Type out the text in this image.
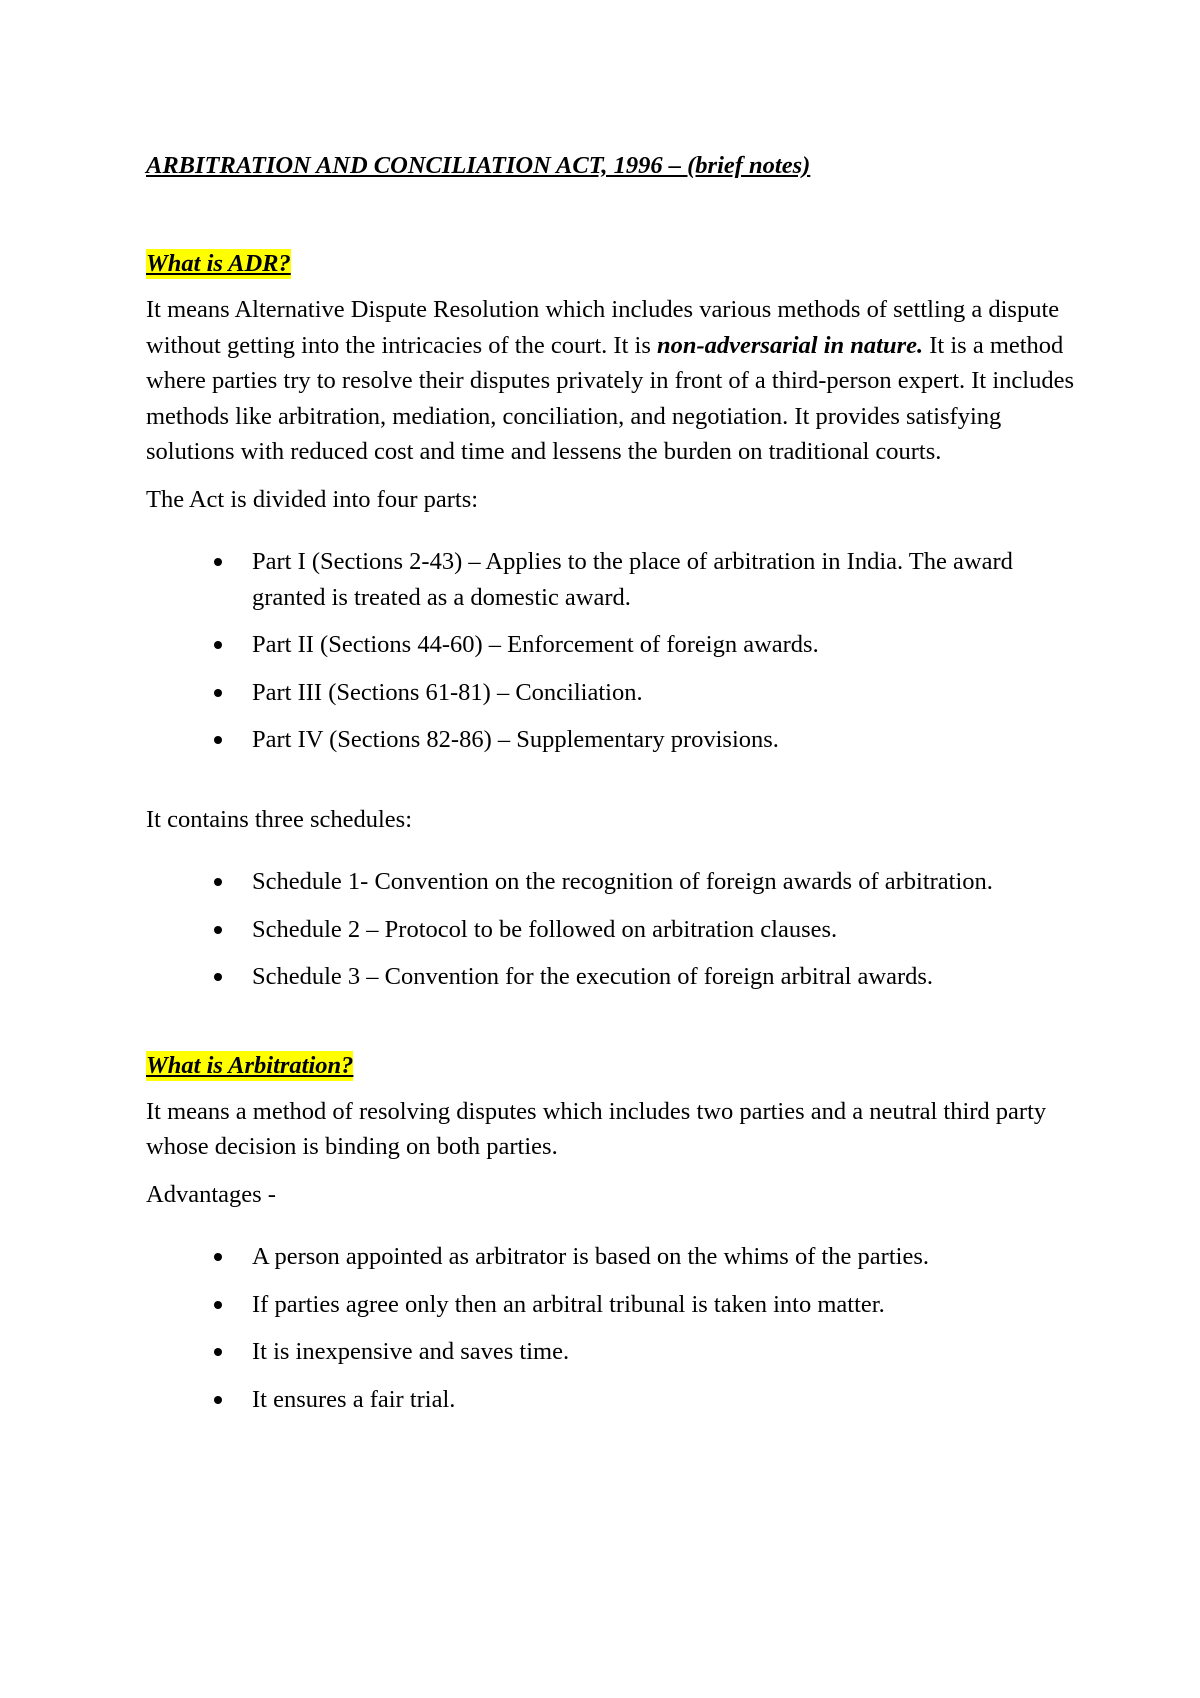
ARBITRATION AND CONCILIATION ACT, 1996 – (brief notes)
What is ADR?

It means Alternative Dispute Resolution which includes various methods of settling a dispute without getting into the intricacies of the court. It is non-adversarial in nature. It is a method where parties try to resolve their disputes privately in front of a third-person expert. It includes methods like arbitration, mediation, conciliation, and negotiation. It provides satisfying solutions with reduced cost and time and lessens the burden on traditional courts.

The Act is divided into four parts:

Part I (Sections 2-43) – Applies to the place of arbitration in India. The award granted is treated as a domestic award.
Part II (Sections 44-60) – Enforcement of foreign awards.
Part III (Sections 61-81) – Conciliation.
Part IV (Sections 82-86) – Supplementary provisions.

It contains three schedules:

Schedule 1- Convention on the recognition of foreign awards of arbitration.
Schedule 2 – Protocol to be followed on arbitration clauses.
Schedule 3 – Convention for the execution of foreign arbitral awards.
What is Arbitration?

It means a method of resolving disputes which includes two parties and a neutral third party whose decision is binding on both parties.

Advantages -

A person appointed as arbitrator is based on the whims of the parties.
If parties agree only then an arbitral tribunal is taken into matter.
It is inexpensive and saves time.
It ensures a fair trial.
